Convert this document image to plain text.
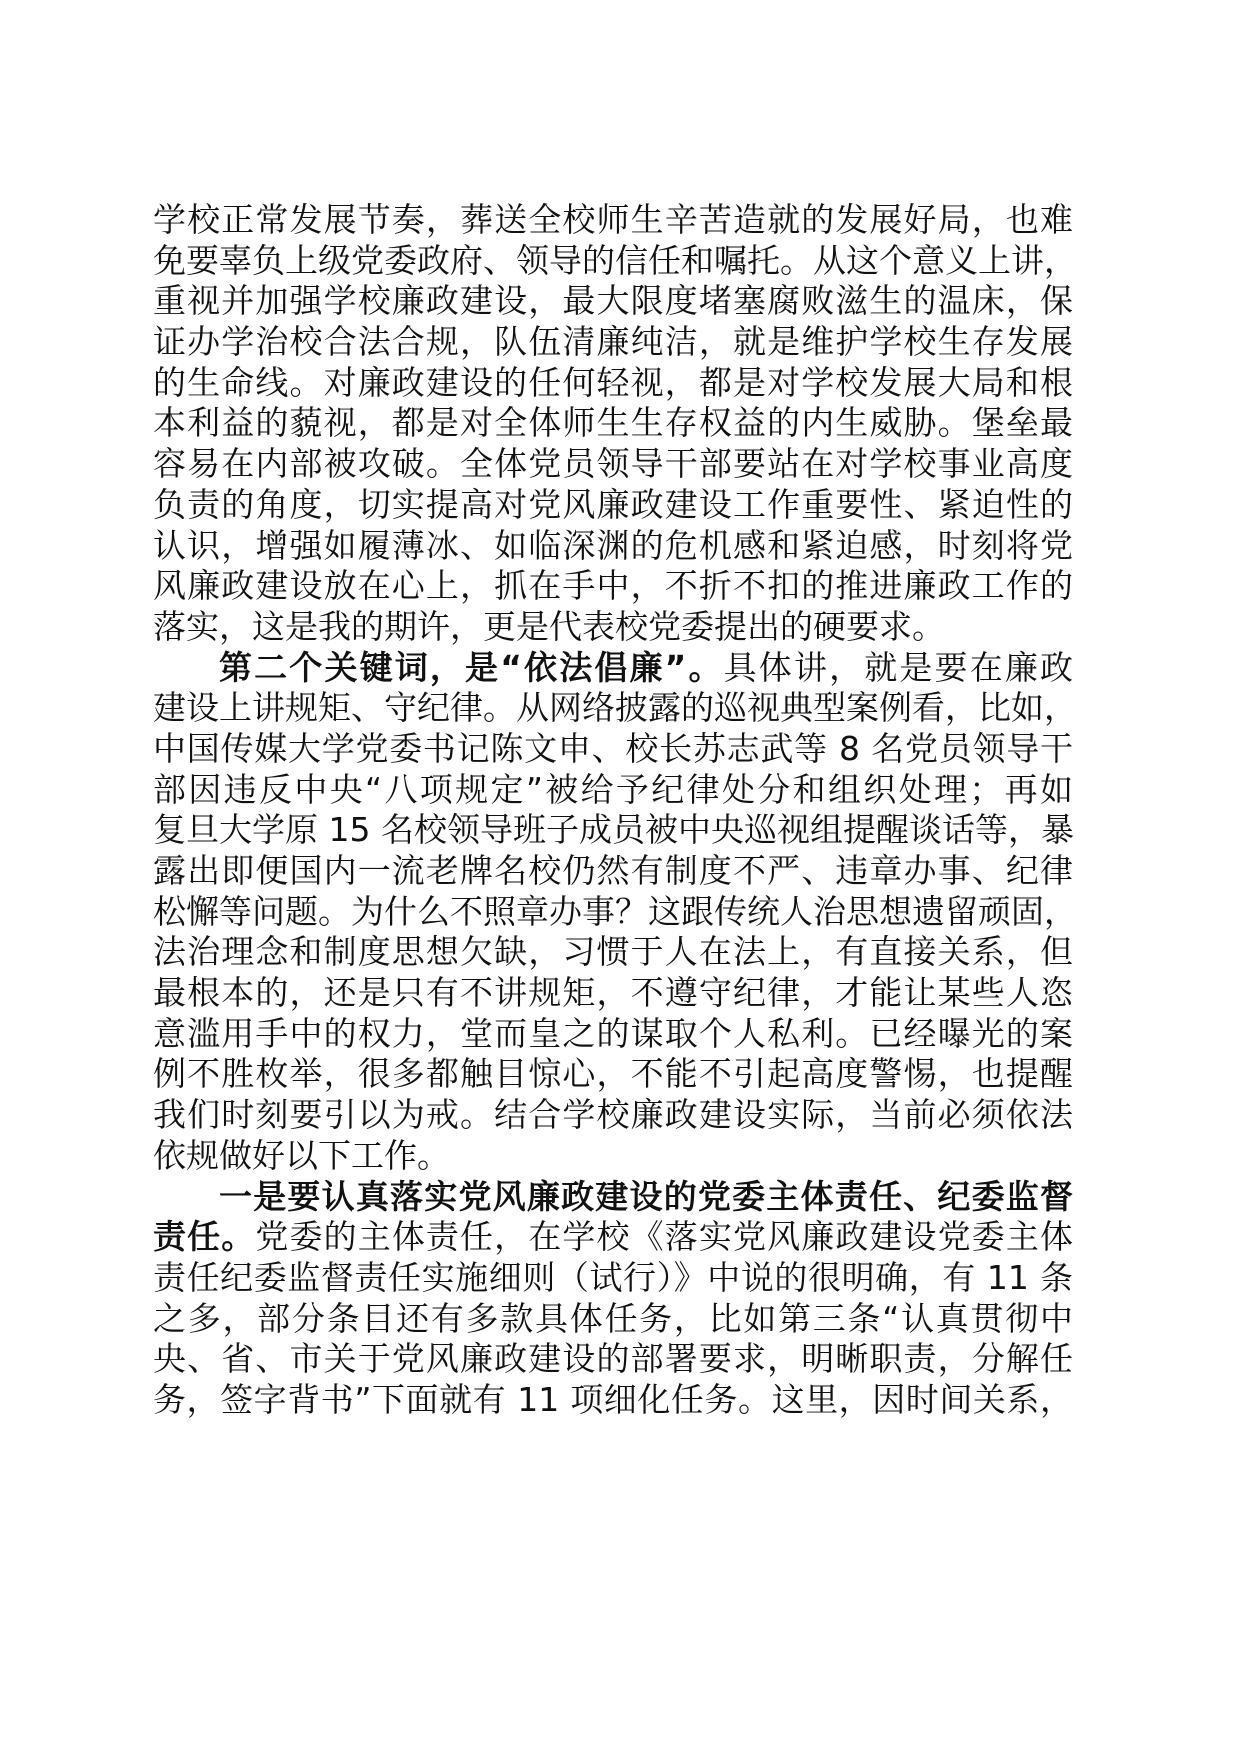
学校正常发展节奏，葬送全校师生辛苦造就的发展好局，也难
免要辜负上级党委政府、领导的信任和嘱托。从这个意义上讲，
重视并加强学校廉政建设，最大限度堵塞腐败滋生的温床，保
证办学治校合法合规，队伍清廉纯洁，就是维护学校生存发展
的生命线。对廉政建设的任何轻视，都是对学校发展大局和根
本利益的藐视，都是对全体师生生存权益的内生威胁。堡垒最
容易在内部被攻破。全体党员领导干部要站在对学校事业高度
负责的角度，切实提高对党风廉政建设工作重要性、紧迫性的
认识，增强如履薄冰、如临深渊的危机感和紧迫感，时刻将党
风廉政建设放在心上，抓在手中，不折不扣的推进廉政工作的
落实，这是我的期许，更是代表校党委提出的硬要求。
第二个关键词，是“依法倡廉”。具体讲，就是要在廉政
建设上讲规矩、守纪律。从网络披露的巡视典型案例看，比如，
中国传媒大学党委书记陈文申、校长苏志武等 8 名党员领导干
部因违反中央“八项规定”被给予纪律处分和组织处理；再如
复旦大学原 15 名校领导班子成员被中央巡视组提醒谈话等，暴
露出即便国内一流老牌名校仍然有制度不严、违章办事、纪律
松懈等问题。为什么不照章办事？这跟传统人治思想遗留顽固，
法治理念和制度思想欠缺，习惯于人在法上，有直接关系，但
最根本的，还是只有不讲规矩，不遵守纪律，才能让某些人恣
意滥用手中的权力，堂而皇之的谋取个人私利。已经曝光的案
例不胜枚举，很多都触目惊心，不能不引起高度警惕，也提醒
我们时刻要引以为戒。结合学校廉政建设实际，当前必须依法
依规做好以下工作。
一是要认真落实党风廉政建设的党委主体责任、纪委监督
责任。党委的主体责任，在学校《落实党风廉政建设党委主体
责任纪委监督责任实施细则（试行）》中说的很明确，有 11 条
之多，部分条目还有多款具体任务，比如第三条“认真贯彻中
央、省、市关于党风廉政建设的部署要求，明晰职责，分解任
务，签字背书”下面就有 11 项细化任务。这里，因时间关系，
